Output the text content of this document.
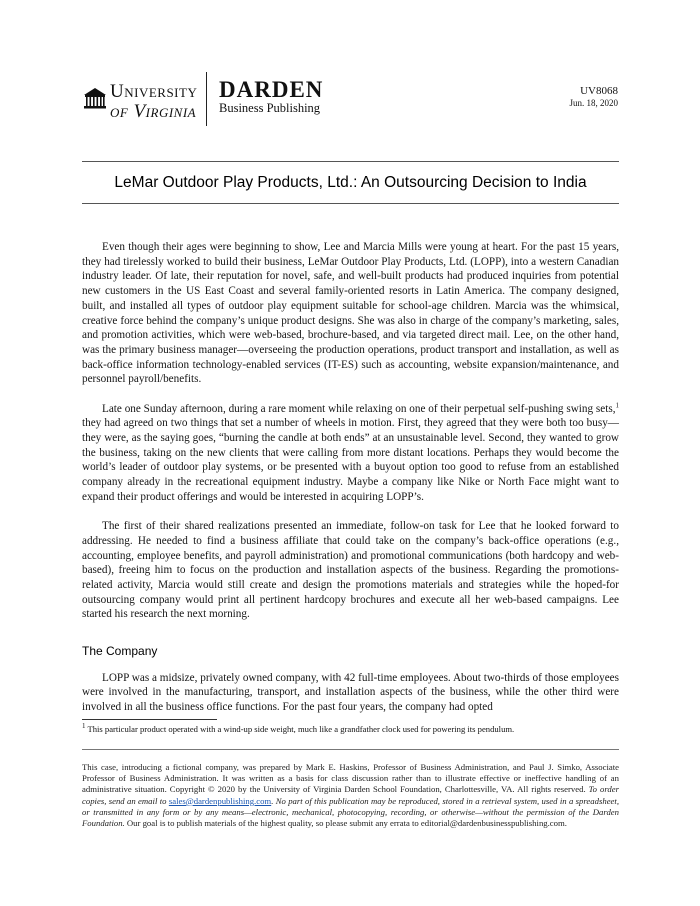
University
of Virginia
DARDEN
Business Publishing
UV8068
Jun. 18, 2020
LeMar Outdoor Play Products, Ltd.: An Outsourcing Decision to India

Even though their ages were beginning to show, Lee and Marcia Mills were young at heart. For the past 15 years, they had tirelessly worked to build their business, LeMar Outdoor Play Products, Ltd. (LOPP), into a western Canadian industry leader. Of late, their reputation for novel, safe, and well-built products had produced inquiries from potential new customers in the US East Coast and several family-oriented resorts in Latin America. The company designed, built, and installed all types of outdoor play equipment suitable for school-age children. Marcia was the whimsical, creative force behind the company’s unique product designs. She was also in charge of the company’s marketing, sales, and promotion activities, which were web-based, brochure-based, and via targeted direct mail. Lee, on the other hand, was the primary business manager—overseeing the production operations, product transport and installation, as well as back-office information technology-enabled services (IT-ES) such as accounting, website expansion/maintenance, and personnel payroll/benefits.

Late one Sunday afternoon, during a rare moment while relaxing on one of their perpetual self-pushing swing sets,$^1$ they had agreed on two things that set a number of wheels in motion. First, they agreed that they were both too busy—they were, as the saying goes, “burning the candle at both ends” at an unsustainable level. Second, they wanted to grow the business, taking on the new clients that were calling from more distant locations. Perhaps they would become the world’s leader of outdoor play systems, or be presented with a buyout option too good to refuse from an established company already in the recreational equipment industry. Maybe a company like Nike or North Face might want to expand their product offerings and would be interested in acquiring LOPP’s.

The first of their shared realizations presented an immediate, follow-on task for Lee that he looked forward to addressing. He needed to find a business affiliate that could take on the company’s back-office operations (e.g., accounting, employee benefits, and payroll administration) and promotional communications (both hardcopy and web-based), freeing him to focus on the production and installation aspects of the business. Regarding the promotions-related activity, Marcia would still create and design the promotions materials and strategies while the hoped-for outsourcing company would print all pertinent hardcopy brochures and execute all her web-based campaigns. Lee started his research the next morning.

The Company

LOPP was a midsize, privately owned company, with 42 full-time employees. About two-thirds of those employees were involved in the manufacturing, transport, and installation aspects of the business, while the other third were involved in all the business office functions. For the past four years, the company had opted

$^1$ This particular product operated with a wind-up side weight, much like a grandfather clock used for powering its pendulum.
This case, introducing a fictional company, was prepared by Mark E. Haskins, Professor of Business Administration, and Paul J. Simko, Associate Professor of Business Administration. It was written as a basis for class discussion rather than to illustrate effective or ineffective handling of an administrative situation. Copyright © 2020 by the University of Virginia Darden School Foundation, Charlottesville, VA. All rights reserved. To order copies, send an email to sales@dardenpublishing.com. No part of this publication may be reproduced, stored in a retrieval system, used in a spreadsheet, or transmitted in any form or by any means—electronic, mechanical, photocopying, recording, or otherwise—without the permission of the Darden Foundation. Our goal is to publish materials of the highest quality, so please submit any errata to editorial@dardenbusinesspublishing.com.
